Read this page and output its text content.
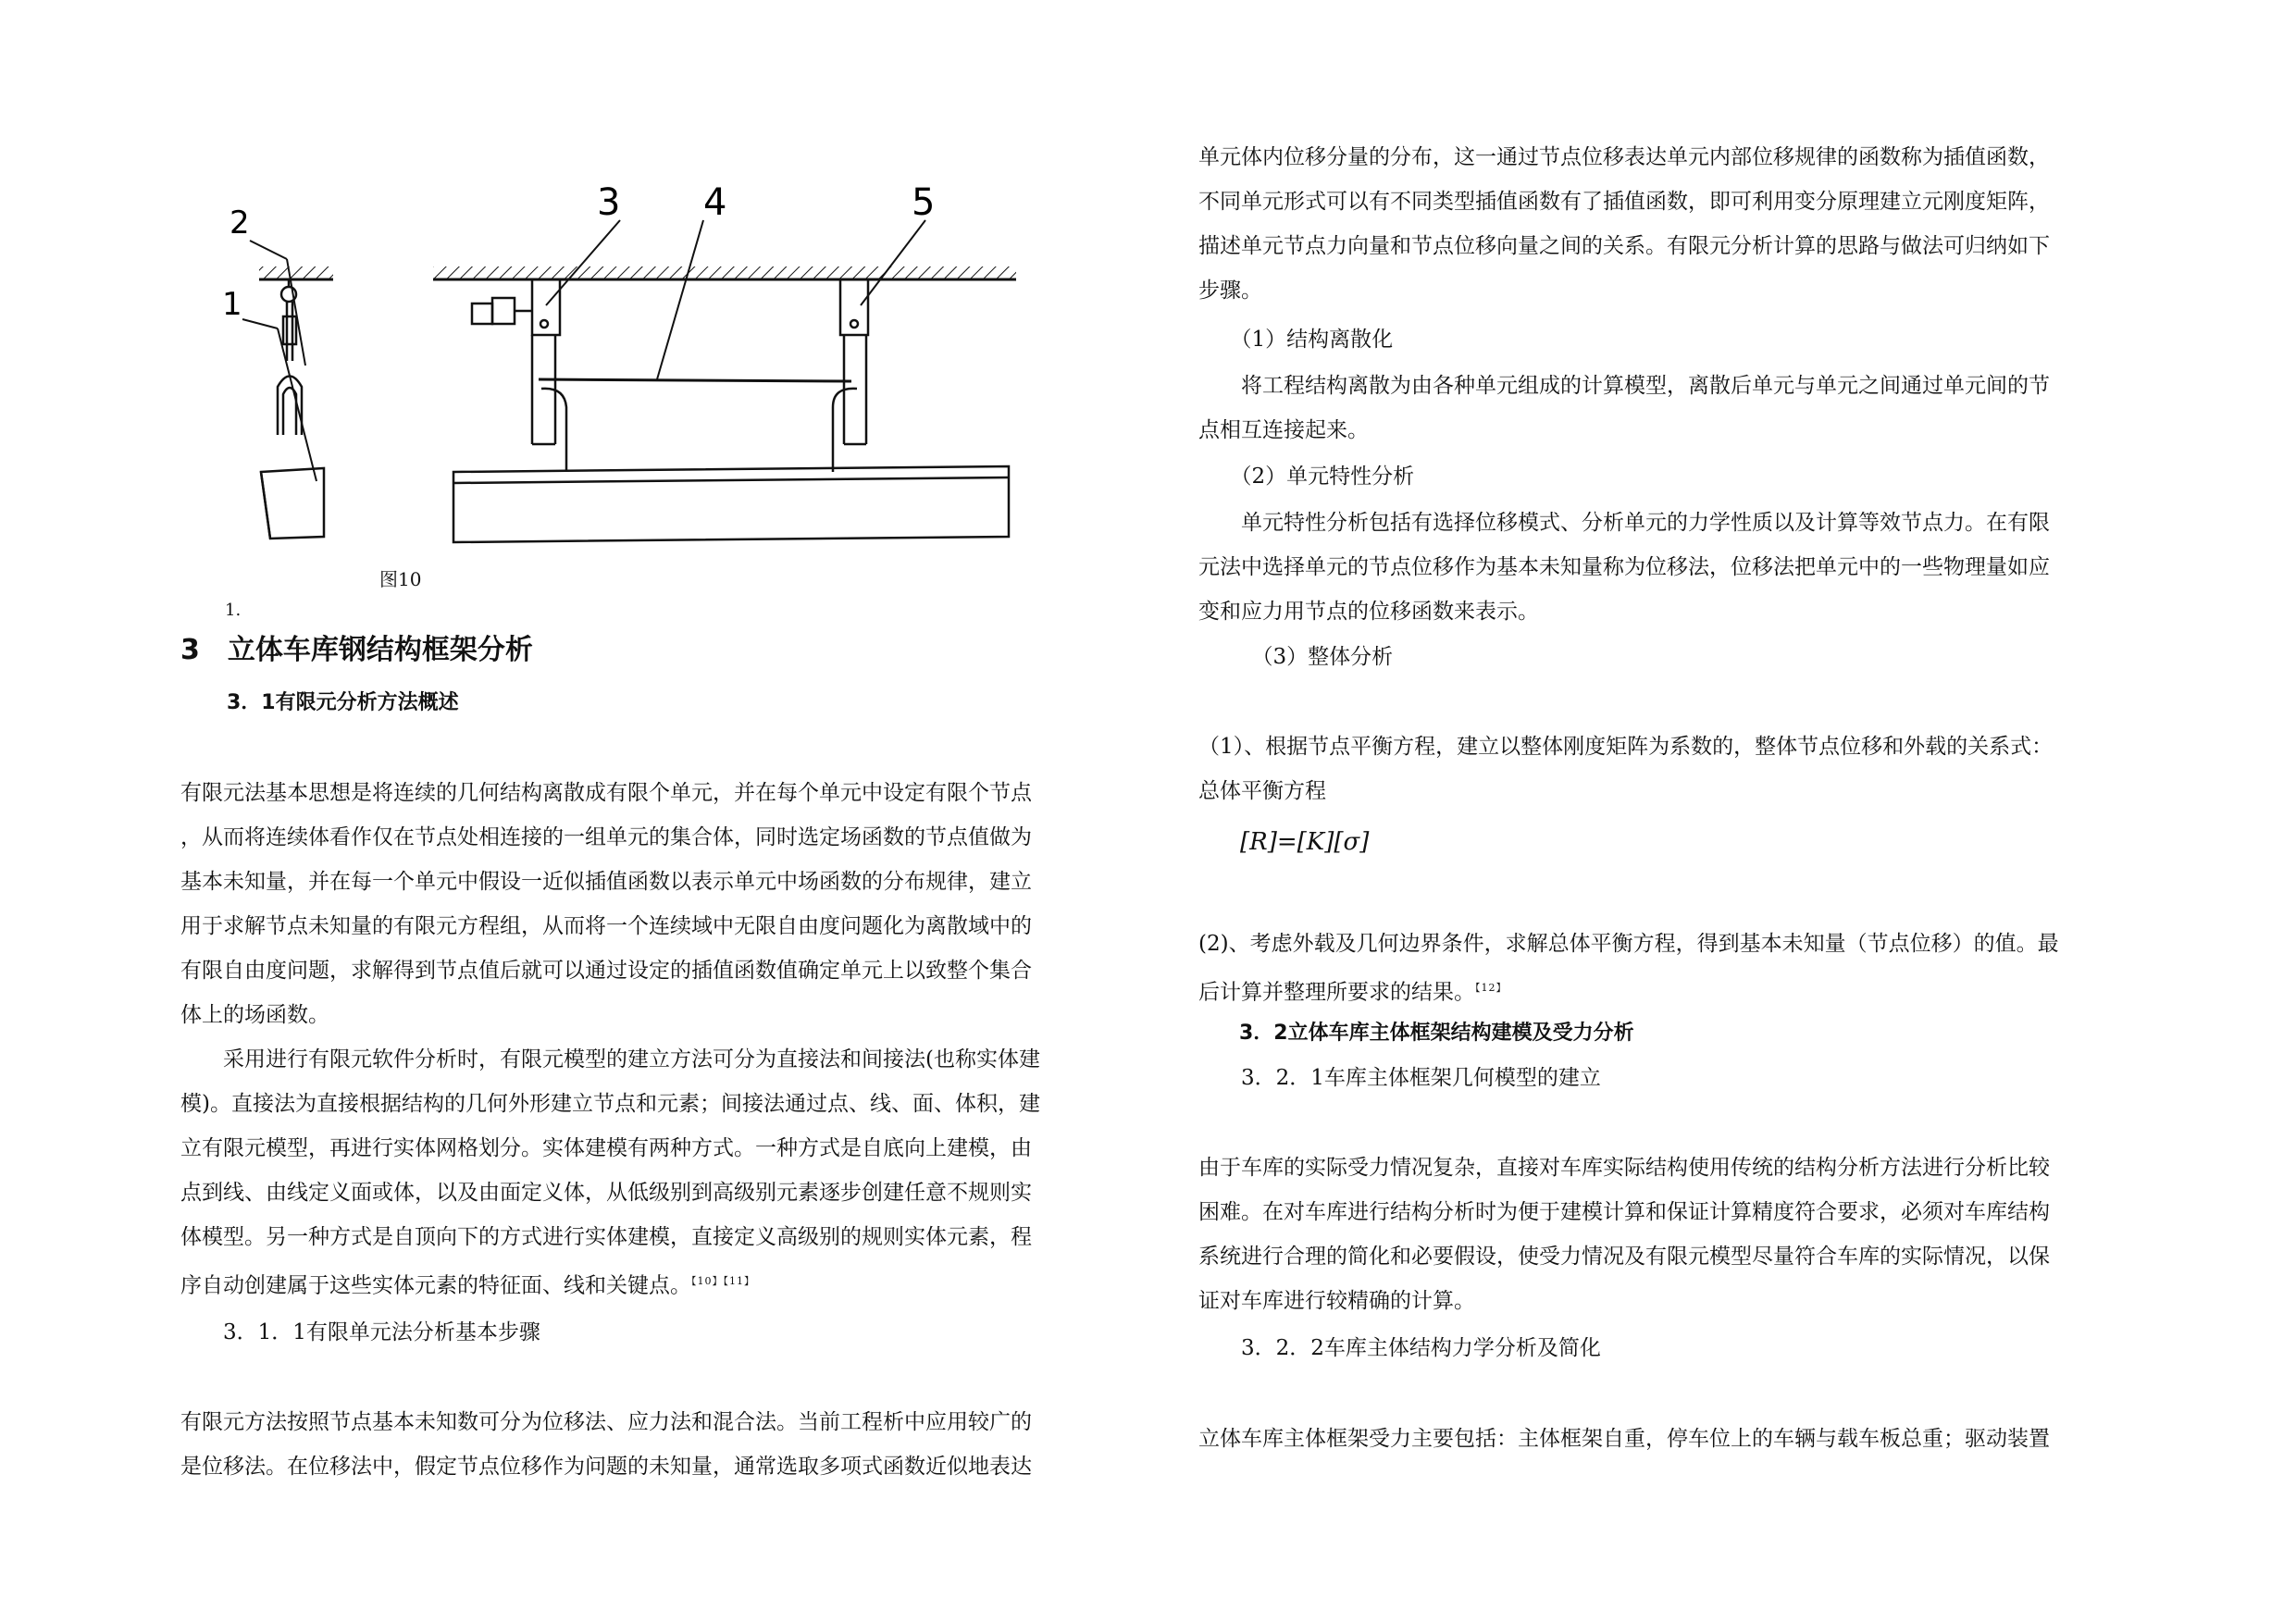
1
2	3 4	5
图10
1.
3　立体车库钢结构框架分析
3．1有限元分析方法概述
有限元法基本思想是将连续的几何结构离散成有限个单元，并在每个单元中设定有限个节点
，从而将连续体看作仅在节点处相连接的一组单元的集合体，同时选定场函数的节点值做为
基本未知量，并在每一个单元中假设一近似插值函数以表示单元中场函数的分布规律，建立
用于求解节点未知量的有限元方程组，从而将一个连续域中无限自由度问题化为离散域中的
有限自由度问题，求解得到节点值后就可以通过设定的插值函数值确定单元上以致整个集合
体上的场函数。
　　采用进行有限元软件分析时，有限元模型的建立方法可分为直接法和间接法(也称实体建
模)。直接法为直接根据结构的几何外形建立节点和元素；间接法通过点、线、面、体积，建
立有限元模型，再进行实体网格划分。实体建模有两种方式。一种方式是自底向上建模，由
点到线、由线定义面或体，以及由面定义体，从低级别到高级别元素逐步创建任意不规则实
体模型。另一种方式是自顶向下的方式进行实体建模，直接定义高级别的规则实体元素，程
序自动创建属于这些实体元素的特征面、线和关键点。$^{【10】【11】}$
　　3．1．1有限单元法分析基本步骤
有限元方法按照节点基本未知数可分为位移法、应力法和混合法。当前工程析中应用较广的
是位移法。在位移法中，假定节点位移作为问题的未知量，通常选取多项式函数近似地表达
单元体内位移分量的分布，这一通过节点位移表达单元内部位移规律的函数称为插值函数，
不同单元形式可以有不同类型插值函数有了插值函数，即可利用变分原理建立元刚度矩阵，
描述单元节点力向量和节点位移向量之间的关系。有限元分析计算的思路与做法可归纳如下
步骤。
　　（1）结构离散化
　　将工程结构离散为由各种单元组成的计算模型，离散后单元与单元之间通过单元间的节
点相互连接起来。
　　（2）单元特性分析
　　单元特性分析包括有选择位移模式、分析单元的力学性质以及计算等效节点力。在有限
元法中选择单元的节点位移作为基本未知量称为位移法，位移法把单元中的一些物理量如应
变和应力用节点的位移函数来表示。
　　　（3）整体分析
（1）、根据节点平衡方程，建立以整体刚度矩阵为系数的，整体节点位移和外载的关系式：
总体平衡方程
[R]=[K][σ]
(2)、考虑外载及几何边界条件，求解总体平衡方程，得到基本未知量（节点位移）的值。最
后计算并整理所要求的结果。$^{【12】}$
　　3．2立体车库主体框架结构建模及受力分析
　　3．2．1车库主体框架几何模型的建立
由于车库的实际受力情况复杂，直接对车库实际结构使用传统的结构分析方法进行分析比较
困难。在对车库进行结构分析时为便于建模计算和保证计算精度符合要求，必须对车库结构
系统进行合理的简化和必要假设，使受力情况及有限元模型尽量符合车库的实际情况，以保
证对车库进行较精确的计算。
　　3．2．2车库主体结构力学分析及简化
立体车库主体框架受力主要包括：主体框架自重，停车位上的车辆与载车板总重；驱动装置
